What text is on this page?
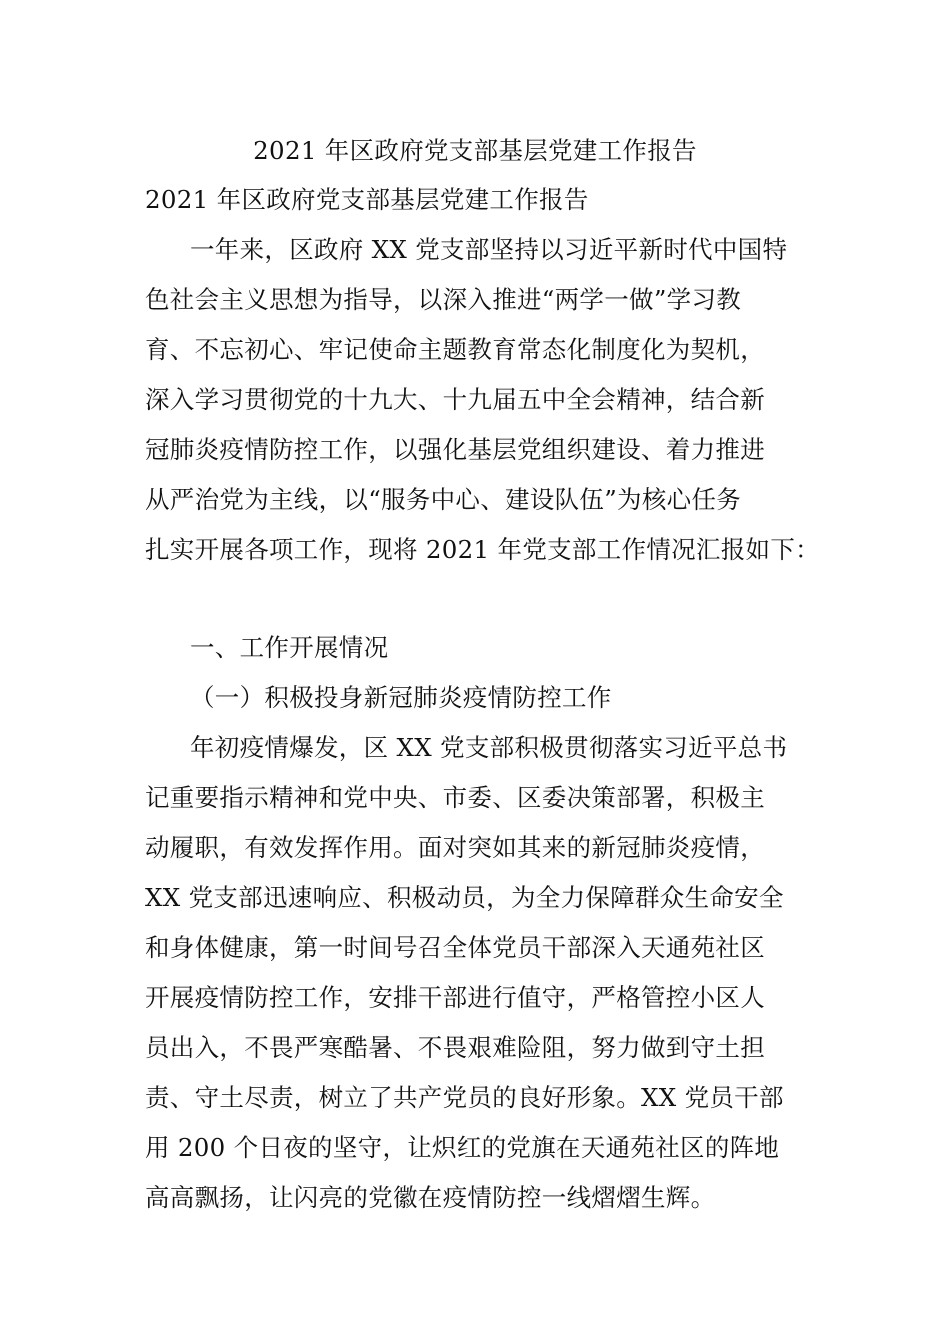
2021 年区政府党支部基层党建工作报告
2021 年区政府党支部基层党建工作报告
一年来，区政府 XX 党支部坚持以习近平新时代中国特
色社会主义思想为指导，以深入推进“两学一做”学习教
育、不忘初心、牢记使命主题教育常态化制度化为契机，
深入学习贯彻党的十九大、十九届五中全会精神，结合新
冠肺炎疫情防控工作，以强化基层党组织建设、着力推进
从严治党为主线，以“服务中心、建设队伍”为核心任务
扎实开展各项工作，现将 2021 年党支部工作情况汇报如下：
一、工作开展情况
（一）积极投身新冠肺炎疫情防控工作
年初疫情爆发，区 XX 党支部积极贯彻落实习近平总书
记重要指示精神和党中央、市委、区委决策部署，积极主
动履职，有效发挥作用。面对突如其来的新冠肺炎疫情，
XX 党支部迅速响应、积极动员，为全力保障群众生命安全
和身体健康，第一时间号召全体党员干部深入天通苑社区
开展疫情防控工作，安排干部进行值守，严格管控小区人
员出入，不畏严寒酷暑、不畏艰难险阻，努力做到守土担
责、守土尽责，树立了共产党员的良好形象。XX 党员干部
用 200 个日夜的坚守，让炽红的党旗在天通苑社区的阵地
高高飘扬，让闪亮的党徽在疫情防控一线熠熠生辉。
